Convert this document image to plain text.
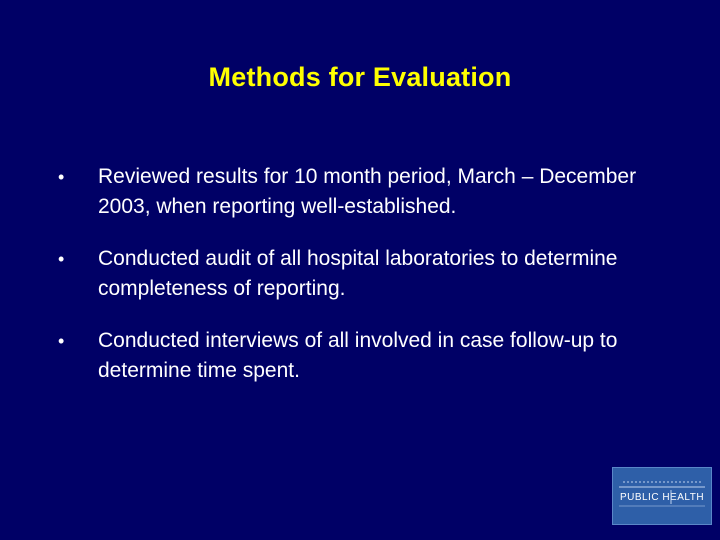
Methods for Evaluation
•	Reviewed results for 10 month period, March – December 2003, when reporting well-established.
•	Conducted audit of all hospital laboratories to determine completeness of reporting.
•	Conducted interviews of all involved in case follow-up to determine time spent.
PUBLIC HEALTH
